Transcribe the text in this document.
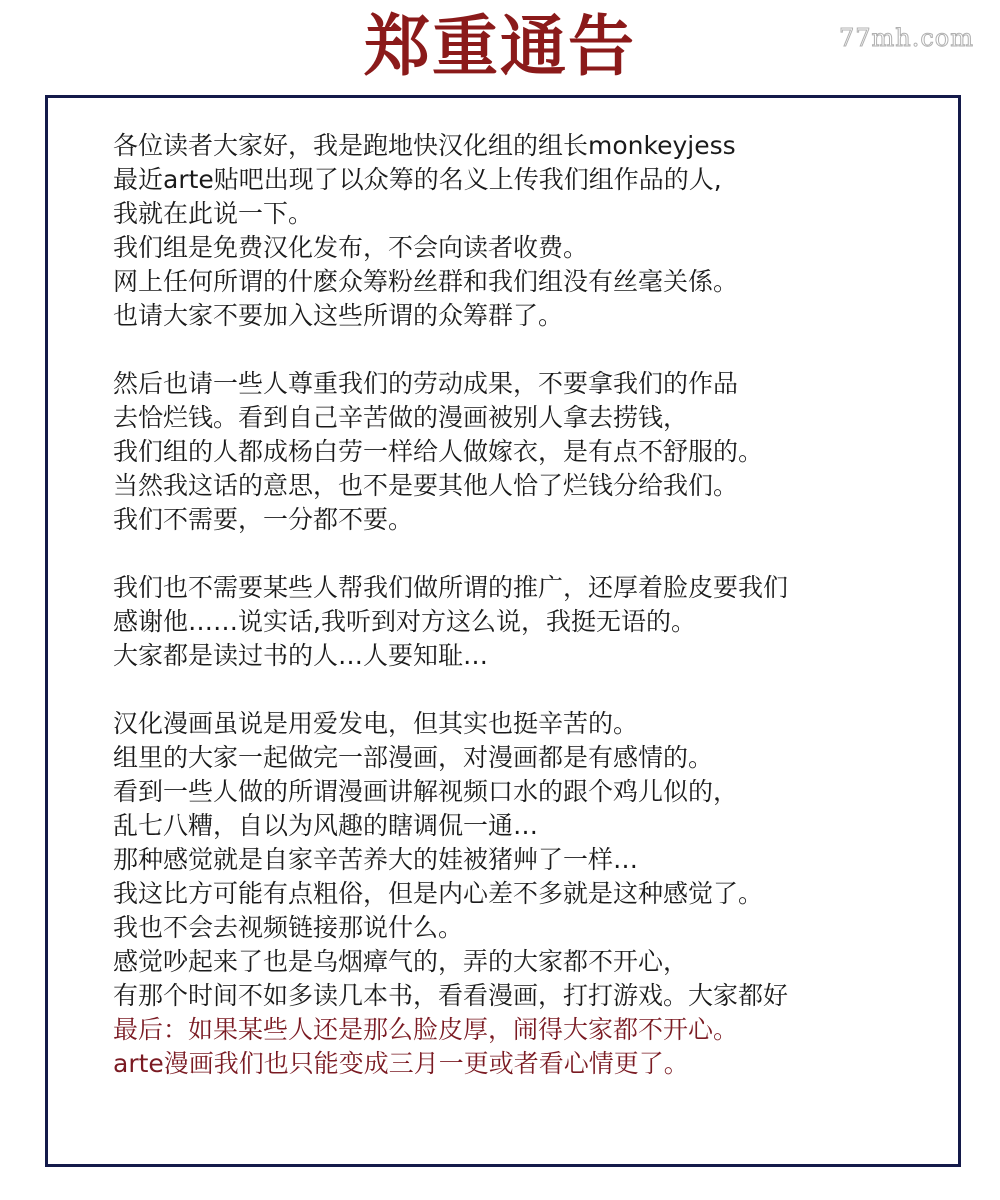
郑重通告	77mh.com
各位读者大家好，我是跑地快汉化组的组长monkeyjess
最近arte贴吧出现了以众筹的名义上传我们组作品的人,
我就在此说一下。
我们组是免费汉化发布，不会向读者收费。
网上任何所谓的什麽众筹粉丝群和我们组没有丝毫关係。
也请大家不要加入这些所谓的众筹群了。
然后也请一些人尊重我们的劳动成果，不要拿我们的作品
去恰烂钱。看到自己辛苦做的漫画被别人拿去捞钱，
我们组的人都成杨白劳一样给人做嫁衣，是有点不舒服的。
当然我这话的意思，也不是要其他人恰了烂钱分给我们。
我们不需要，一分都不要。
我们也不需要某些人帮我们做所谓的推广，还厚着脸皮要我们
感谢他……说实话,我听到对方这么说，我挺无语的。
大家都是读过书的人…人要知耻…
汉化漫画虽说是用爱发电，但其实也挺辛苦的。
组里的大家一起做完一部漫画，对漫画都是有感情的。
看到一些人做的所谓漫画讲解视频口水的跟个鸡儿似的，
乱七八糟，自以为风趣的瞎调侃一通…
那种感觉就是自家辛苦养大的娃被猪艸了一样…
我这比方可能有点粗俗，但是内心差不多就是这种感觉了。
我也不会去视频链接那说什么。
感觉吵起来了也是乌烟瘴气的，弄的大家都不开心，
有那个时间不如多读几本书，看看漫画，打打游戏。大家都好
最后：如果某些人还是那么脸皮厚，闹得大家都不开心。
arte漫画我们也只能变成三月一更或者看心情更了。
